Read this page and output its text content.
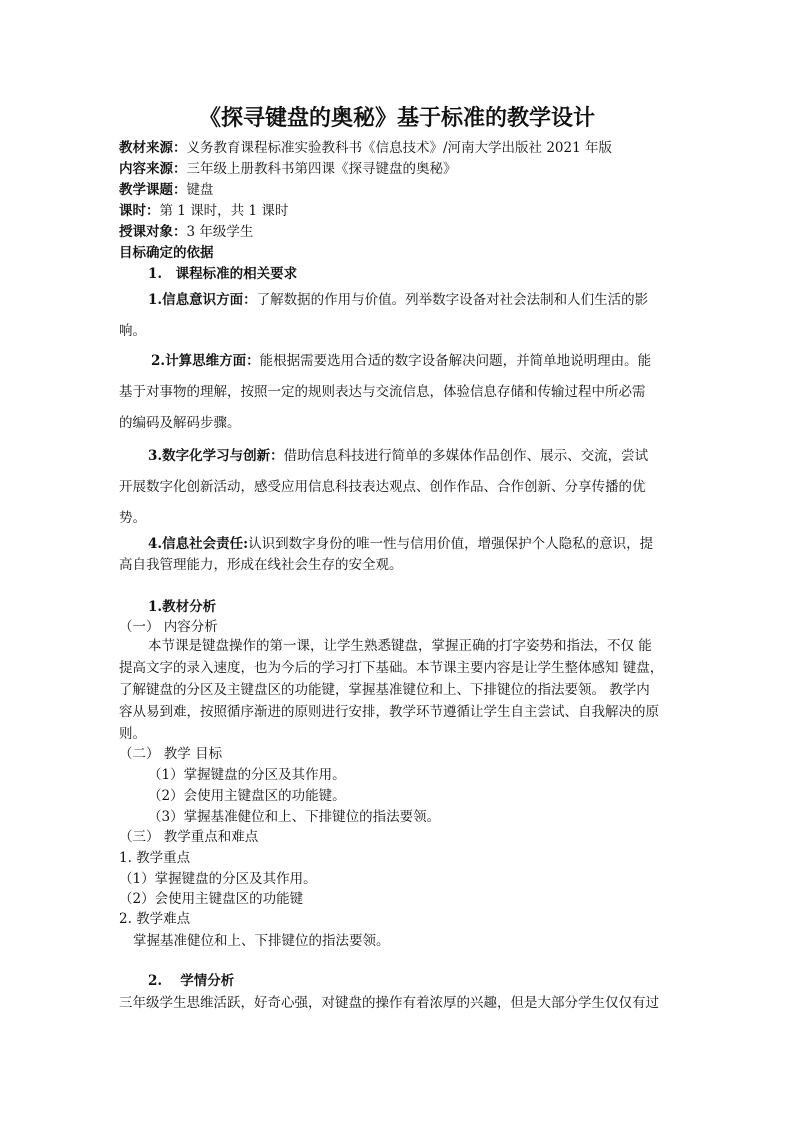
《探寻键盘的奥秘》基于标准的教学设计
教材来源：义务教育课程标准实验教科书《信息技术》/河南大学出版社 2021 年版
内容来源：三年级上册教科书第四课《探寻键盘的奥秘》
教学课题：键盘
课时：第 1 课时，共 1 课时
授课对象：3 年级学生
目标确定的依据
1.　课程标准的相关要求
1.信息意识方面：了解数据的作用与价值。列举数字设备对社会法制和人们生活的影
响。
2.计算思维方面：能根据需要选用合适的数字设备解决问题，并简单地说明理由。能
基于对事物的理解，按照一定的规则表达与交流信息，体验信息存储和传输过程中所必需
的编码及解码步骤。
3.数字化学习与创新：借助信息科技进行简单的多媒体作品创作、展示、交流，尝试
开展数字化创新活动，感受应用信息科技表达观点、创作作品、合作创新、分享传播的优
势。
4.信息社会责任:认识到数字身份的唯一性与信用价值，增强保护个人隐私的意识，提
高自我管理能力，形成在线社会生存的安全观。
1.教材分析
（一） 内容分析
本节课是键盘操作的第一课，让学生熟悉键盘，掌握正确的打字姿势和指法，不仅 能
提高文字的录入速度，也为今后的学习打下基础。本节课主要内容是让学生整体感知 键盘，
了解键盘的分区及主键盘区的功能键，掌握基准键位和上、下排键位的指法要领。 教学内
容从易到难，按照循序渐进的原则进行安排，教学环节遵循让学生自主尝试、自我解决的原
则。
（二） 教学 目标
（1）掌握键盘的分区及其作用。
（2）会使用主键盘区的功能键。
（3）掌握基准健位和上、下排键位的指法要领。
（三） 教学重点和难点
1. 教学重点
（1）掌握键盘的分区及其作用。
（2）会使用主键盘区的功能键
2. 教学难点
掌握基准健位和上、下排键位的指法要领。
2.　 学情分析
三年级学生思维活跃，好奇心强，对键盘的操作有着浓厚的兴趣，但是大部分学生仅仅有过
